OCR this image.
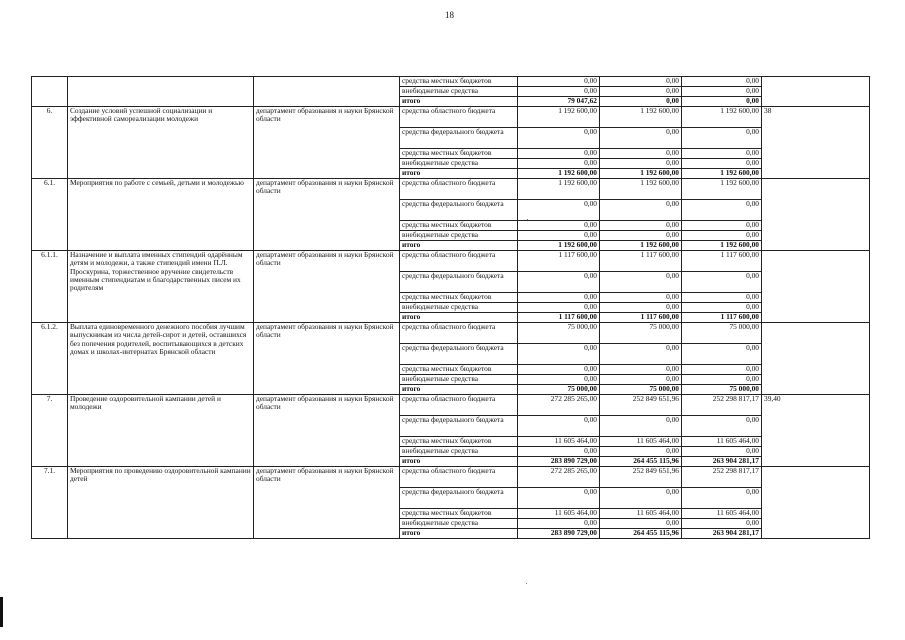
18
			средства местных бюджетов	0,00	0,00	0,00	
			внебюджетные средства	0,00	0,00	0,00	
			итого	79 047,62	0,00	0,00	
6.	Создание условий успешной социализации и эффективной самореализации молодежи	департамент образования и науки Брянской области	средства областного бюджета	1 192 600,00	1 192 600,00	1 192 600,00	38
			средства федерального бюджета	0,00	0,00	0,00	
			средства местных бюджетов	0,00	0,00	0,00	
			внебюджетные средства	0,00	0,00	0,00	
			итого	1 192 600,00	1 192 600,00	1 192 600,00	
6.1.	Мероприятия по работе с семьей, детьми и молодежью	департамент образования и науки Брянской области	средства областного бюджета	1 192 600,00	1 192 600,00	1 192 600,00	
			средства федерального бюджета	0,00	0,00	0,00	
			средства местных бюджетов	0,00	0,00	0,00	
			внебюджетные средства	0,00	0,00	0,00	
			итого	1 192 600,00	1 192 600,00	1 192 600,00	
6.1.1.	Назначение и выплата именных стипендий одарённым детям и молодежи, а также стипендий имени П.Л. Проскурина, торжественное вручение свидетельств именным стипендиатам и благодарственных писем их родителям	департамент образования и науки Брянской области	средства областного бюджета	1 117 600,00	1 117 600,00	1 117 600,00	
			средства федерального бюджета	0,00	0,00	0,00	
			средства местных бюджетов	0,00	0,00	0,00	
			внебюджетные средства	0,00	0,00	0,00	
			итого	1 117 600,00	1 117 600,00	1 117 600,00	
6.1.2.	Выплата единовременного денежного пособия лучшим выпускникам из числа детей-сирот и детей, оставшихся без попечения родителей, воспитывающихся в детских домах и школах-интернатах Брянской области	департамент образования и науки Брянской области	средства областного бюджета	75 000,00	75 000,00	75 000,00	
			средства федерального бюджета	0,00	0,00	0,00	
			средства местных бюджетов	0,00	0,00	0,00	
			внебюджетные средства	0,00	0,00	0,00	
			итого	75 000,00	75 000,00	75 000,00	
7.	Проведение оздоровительной кампании детей и молодежи	департамент образования и науки Брянской области	средства областного бюджета	272 285 265,00	252 849 651,96	252 298 817,17	39,40
			средства федерального бюджета	0,00	0,00	0,00	
			средства местных бюджетов	11 605 464,00	11 605 464,00	11 605 464,00	
			внебюджетные средства	0,00	0,00	0,00	
			итого	283 890 729,00	264 455 115,96	263 904 281,17	
7.1.	Мероприятия по проведению оздоровительной кампании детей	департамент образования и науки Брянской области	средства областного бюджета	272 285 265,00	252 849 651,96	252 298 817,17	
			средства федерального бюджета	0,00	0,00	0,00	
			средства местных бюджетов	11 605 464,00	11 605 464,00	11 605 464,00	
			внебюджетные средства	0,00	0,00	0,00	
			итого	283 890 729,00	264 455 115,96	263 904 281,17	
